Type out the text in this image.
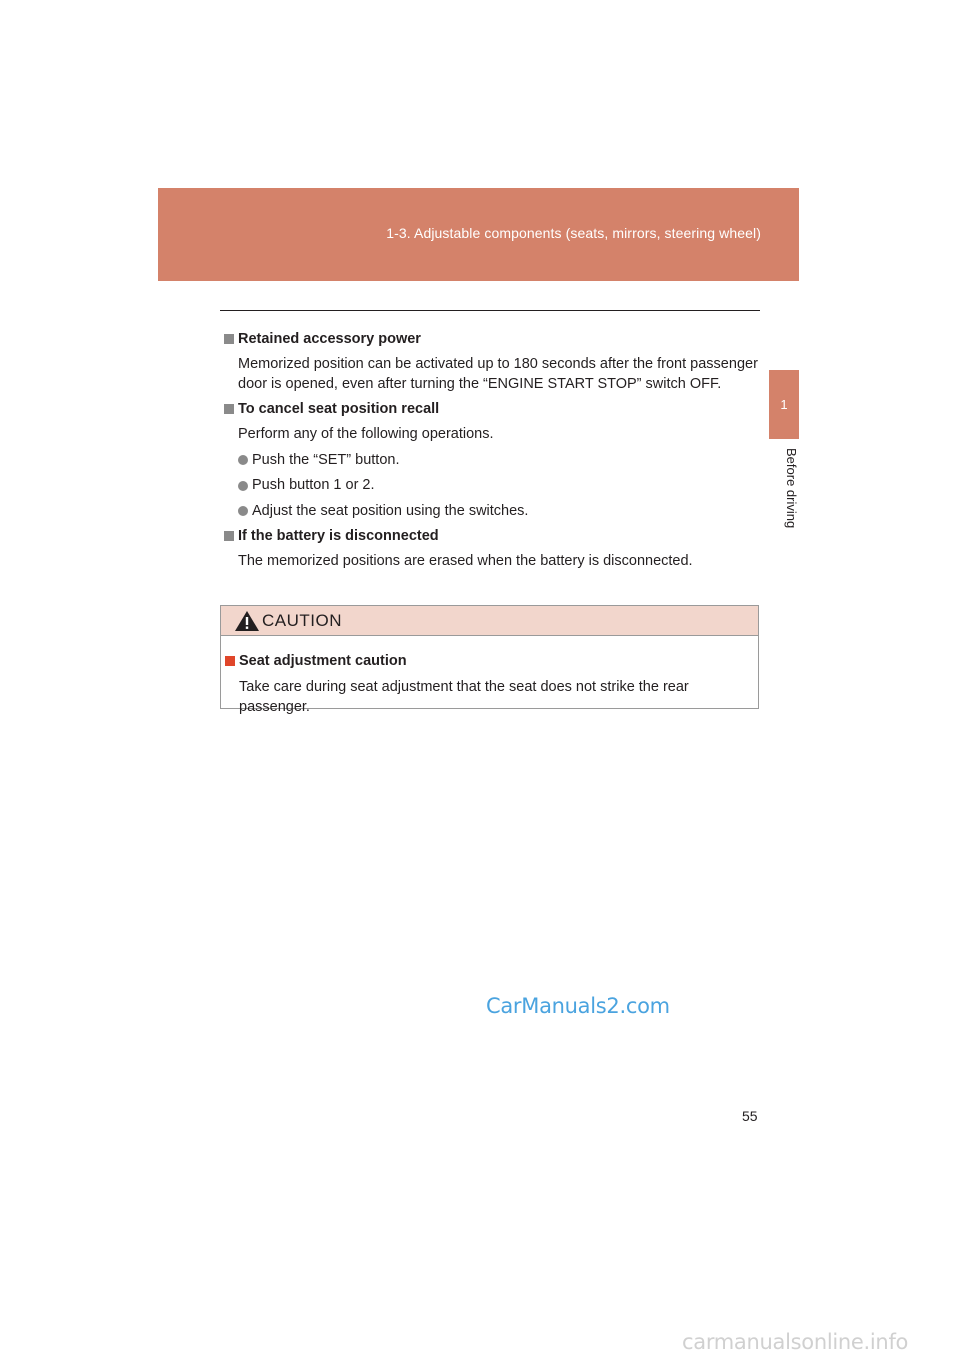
1-3. Adjustable components (seats, mirrors, steering wheel)
1
Before driving
Retained accessory power
Memorized position can be activated up to 180 seconds after the front passenger door is opened, even after turning the “ENGINE START STOP” switch OFF.
To cancel seat position recall
Perform any of the following operations.
Push the “SET” button.
Push button 1 or 2.
Adjust the seat position using the switches.
If the battery is disconnected
The memorized positions are erased when the battery is disconnected.
CAUTION
Seat adjustment caution
Take care during seat adjustment that the seat does not strike the rear passenger.
CarManuals2.com
55
carmanualsonline.info
